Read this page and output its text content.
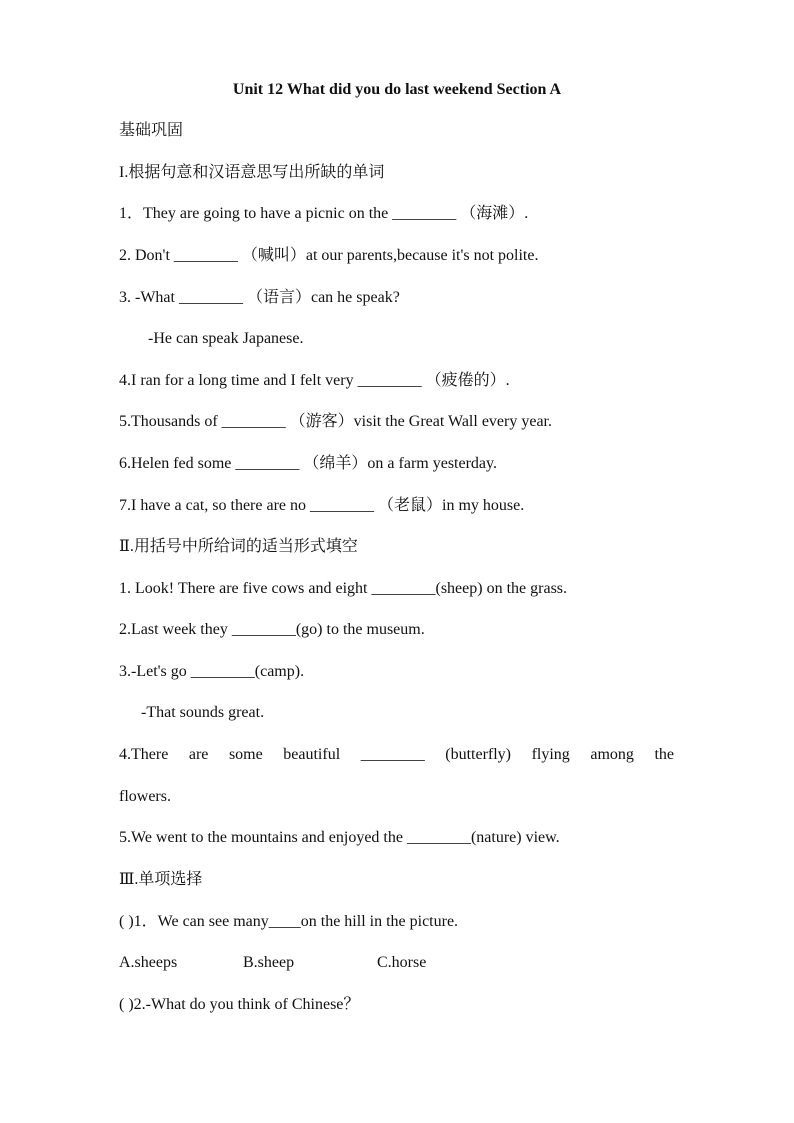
Unit 12 What did you do last weekend Section A
基础巩固
I.根据句意和汉语意思写出所缺的单词
1．They are going to have a picnic on the ________ （海滩）.
2. Don't ________ （喊叫）at our parents,because it's not polite.
3. -What ________ （语言）can he speak?
-He can speak Japanese.
4.I ran for a long time and I felt very ________ （疲倦的）.
5.Thousands of ________ （游客）visit the Great Wall every year.
6.Helen fed some ________ （绵羊）on a farm yesterday.
7.I have a cat, so there are no ________ （老鼠）in my house.
Ⅱ.用括号中所给词的适当形式填空
1. Look! There are five cows and eight ________(sheep) on the grass.
2.Last week they ________(go) to the museum.
3.-Let's go ________(camp).
-That sounds great.
4.There are some beautiful ________ (butterfly) flying among the
flowers.
5.We went to the mountains and enjoyed the ________(nature) view.
Ⅲ.单项选择
( )1．We can see many____on the hill in the picture.
A.sheeps	B.sheep	C.horse
( )2.-What do you think of Chinese？
